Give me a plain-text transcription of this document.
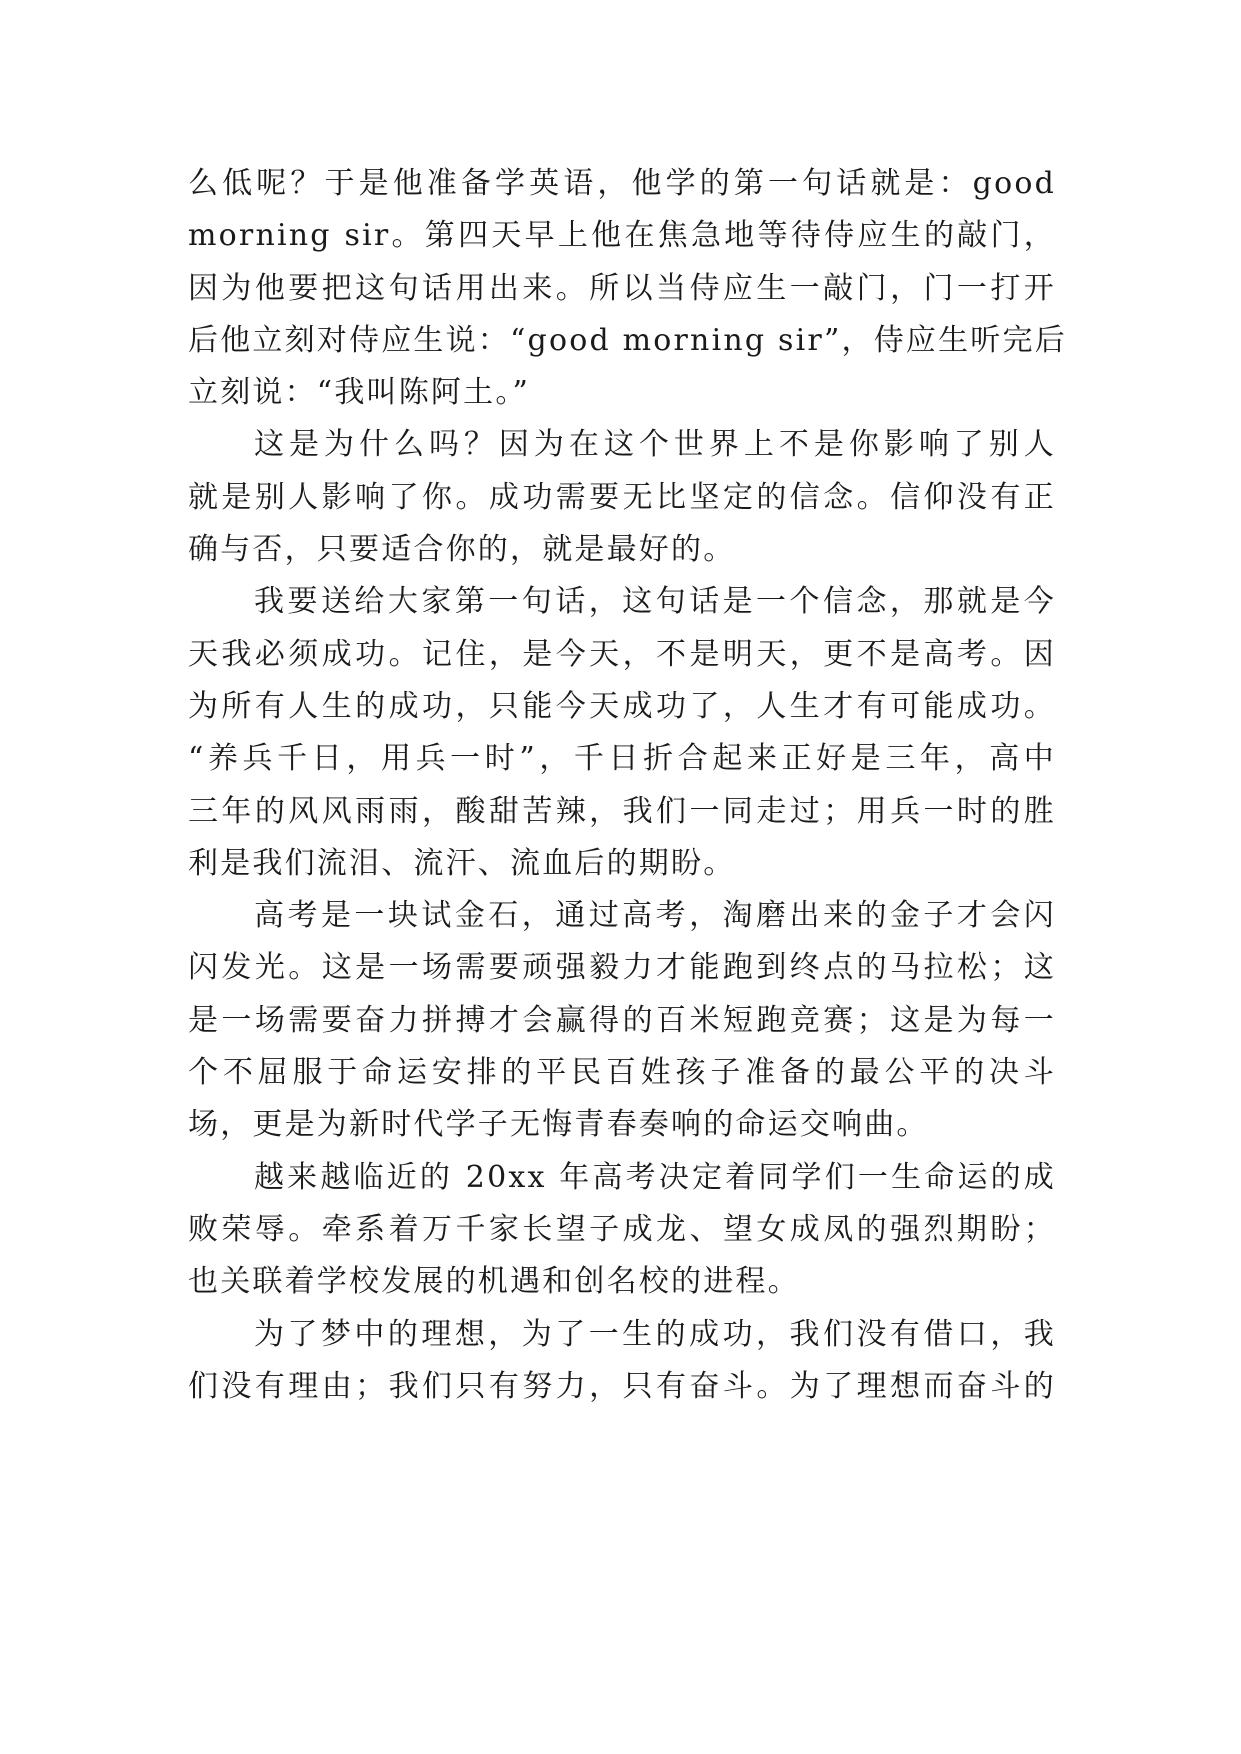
么低呢？于是他准备学英语，他学的第一句话就是：good
morning sir。第四天早上他在焦急地等待侍应生的敲门，
因为他要把这句话用出来。所以当侍应生一敲门，门一打开
后他立刻对侍应生说：“good morning sir”，侍应生听完后
立刻说：“我叫陈阿土。”
这是为什么吗？因为在这个世界上不是你影响了别人
就是别人影响了你。成功需要无比坚定的信念。信仰没有正
确与否，只要适合你的，就是最好的。
我要送给大家第一句话，这句话是一个信念，那就是今
天我必须成功。记住，是今天，不是明天，更不是高考。因
为所有人生的成功，只能今天成功了，人生才有可能成功。
“养兵千日，用兵一时”，千日折合起来正好是三年，高中
三年的风风雨雨，酸甜苦辣，我们一同走过；用兵一时的胜
利是我们流泪、流汗、流血后的期盼。
高考是一块试金石，通过高考，淘磨出来的金子才会闪
闪发光。这是一场需要顽强毅力才能跑到终点的马拉松；这
是一场需要奋力拼搏才会赢得的百米短跑竞赛；这是为每一
个不屈服于命运安排的平民百姓孩子准备的最公平的决斗
场，更是为新时代学子无悔青春奏响的命运交响曲。
越来越临近的 20xx 年高考决定着同学们一生命运的成
败荣辱。牵系着万千家长望子成龙、望女成凤的强烈期盼；
也关联着学校发展的机遇和创名校的进程。
为了梦中的理想，为了一生的成功，我们没有借口，我
们没有理由；我们只有努力，只有奋斗。为了理想而奋斗的
